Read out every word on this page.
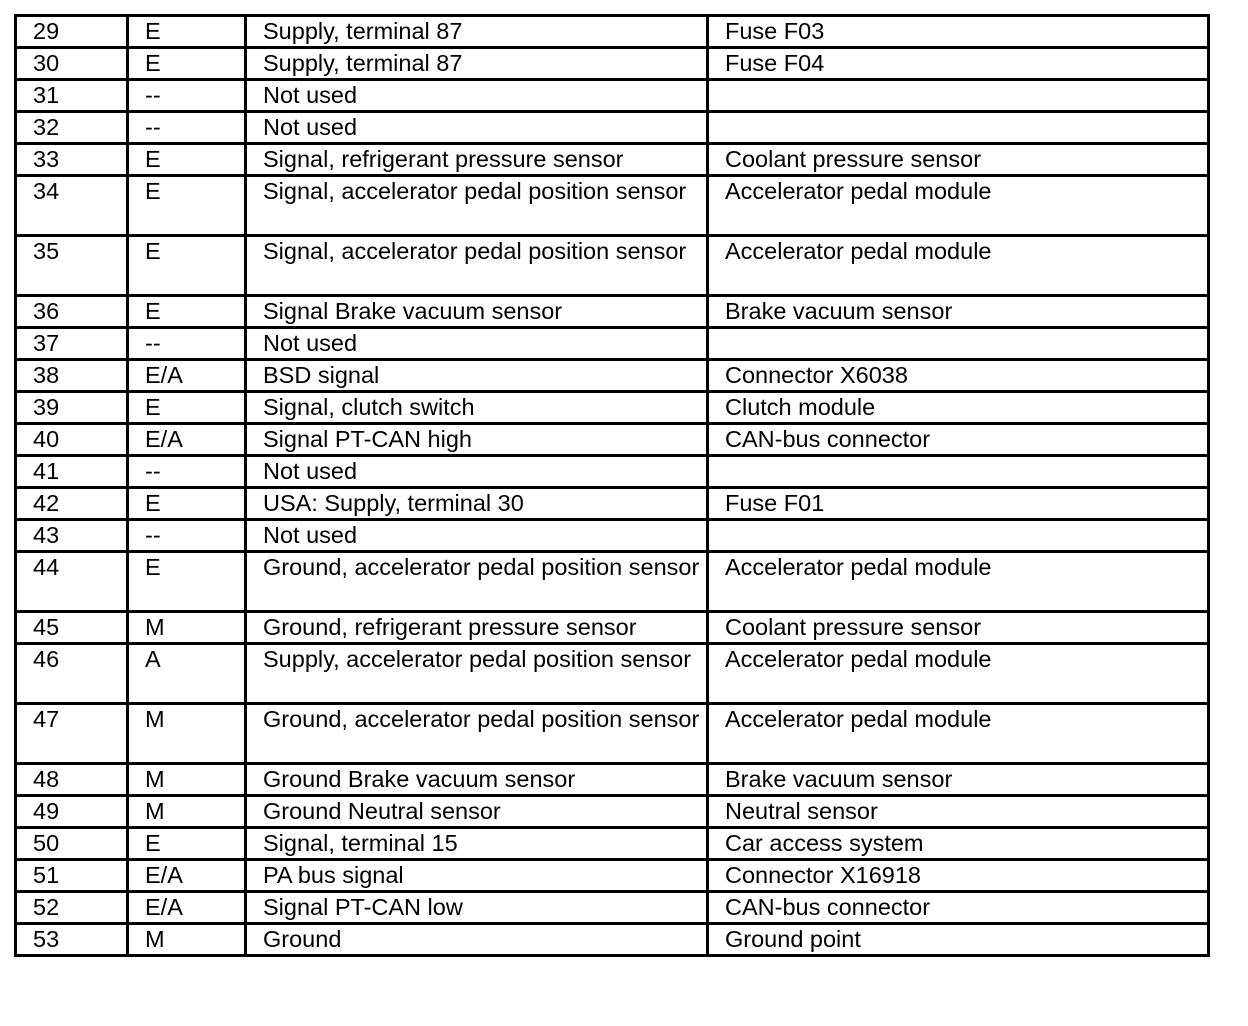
29	E	Supply, terminal 87	Fuse F03
30	E	Supply, terminal 87	Fuse F04
31	--	Not used	
32	--	Not used	
33	E	Signal, refrigerant pressure sensor	Coolant pressure sensor
34	E	Signal, accelerator pedal position sensor	Accelerator pedal module
35	E	Signal, accelerator pedal position sensor	Accelerator pedal module
36	E	Signal Brake vacuum sensor	Brake vacuum sensor
37	--	Not used	
38	E/A	BSD signal	Connector X6038
39	E	Signal, clutch switch	Clutch module
40	E/A	Signal PT-CAN high	CAN-bus connector
41	--	Not used	
42	E	USA: Supply, terminal 30	Fuse F01
43	--	Not used	
44	E	Ground, accelerator pedal position sensor	Accelerator pedal module
45	M	Ground, refrigerant pressure sensor	Coolant pressure sensor
46	A	Supply, accelerator pedal position sensor	Accelerator pedal module
47	M	Ground, accelerator pedal position sensor	Accelerator pedal module
48	M	Ground Brake vacuum sensor	Brake vacuum sensor
49	M	Ground Neutral sensor	Neutral sensor
50	E	Signal, terminal 15	Car access system
51	E/A	PA bus signal	Connector X16918
52	E/A	Signal PT-CAN low	CAN-bus connector
53	M	Ground	Ground point
